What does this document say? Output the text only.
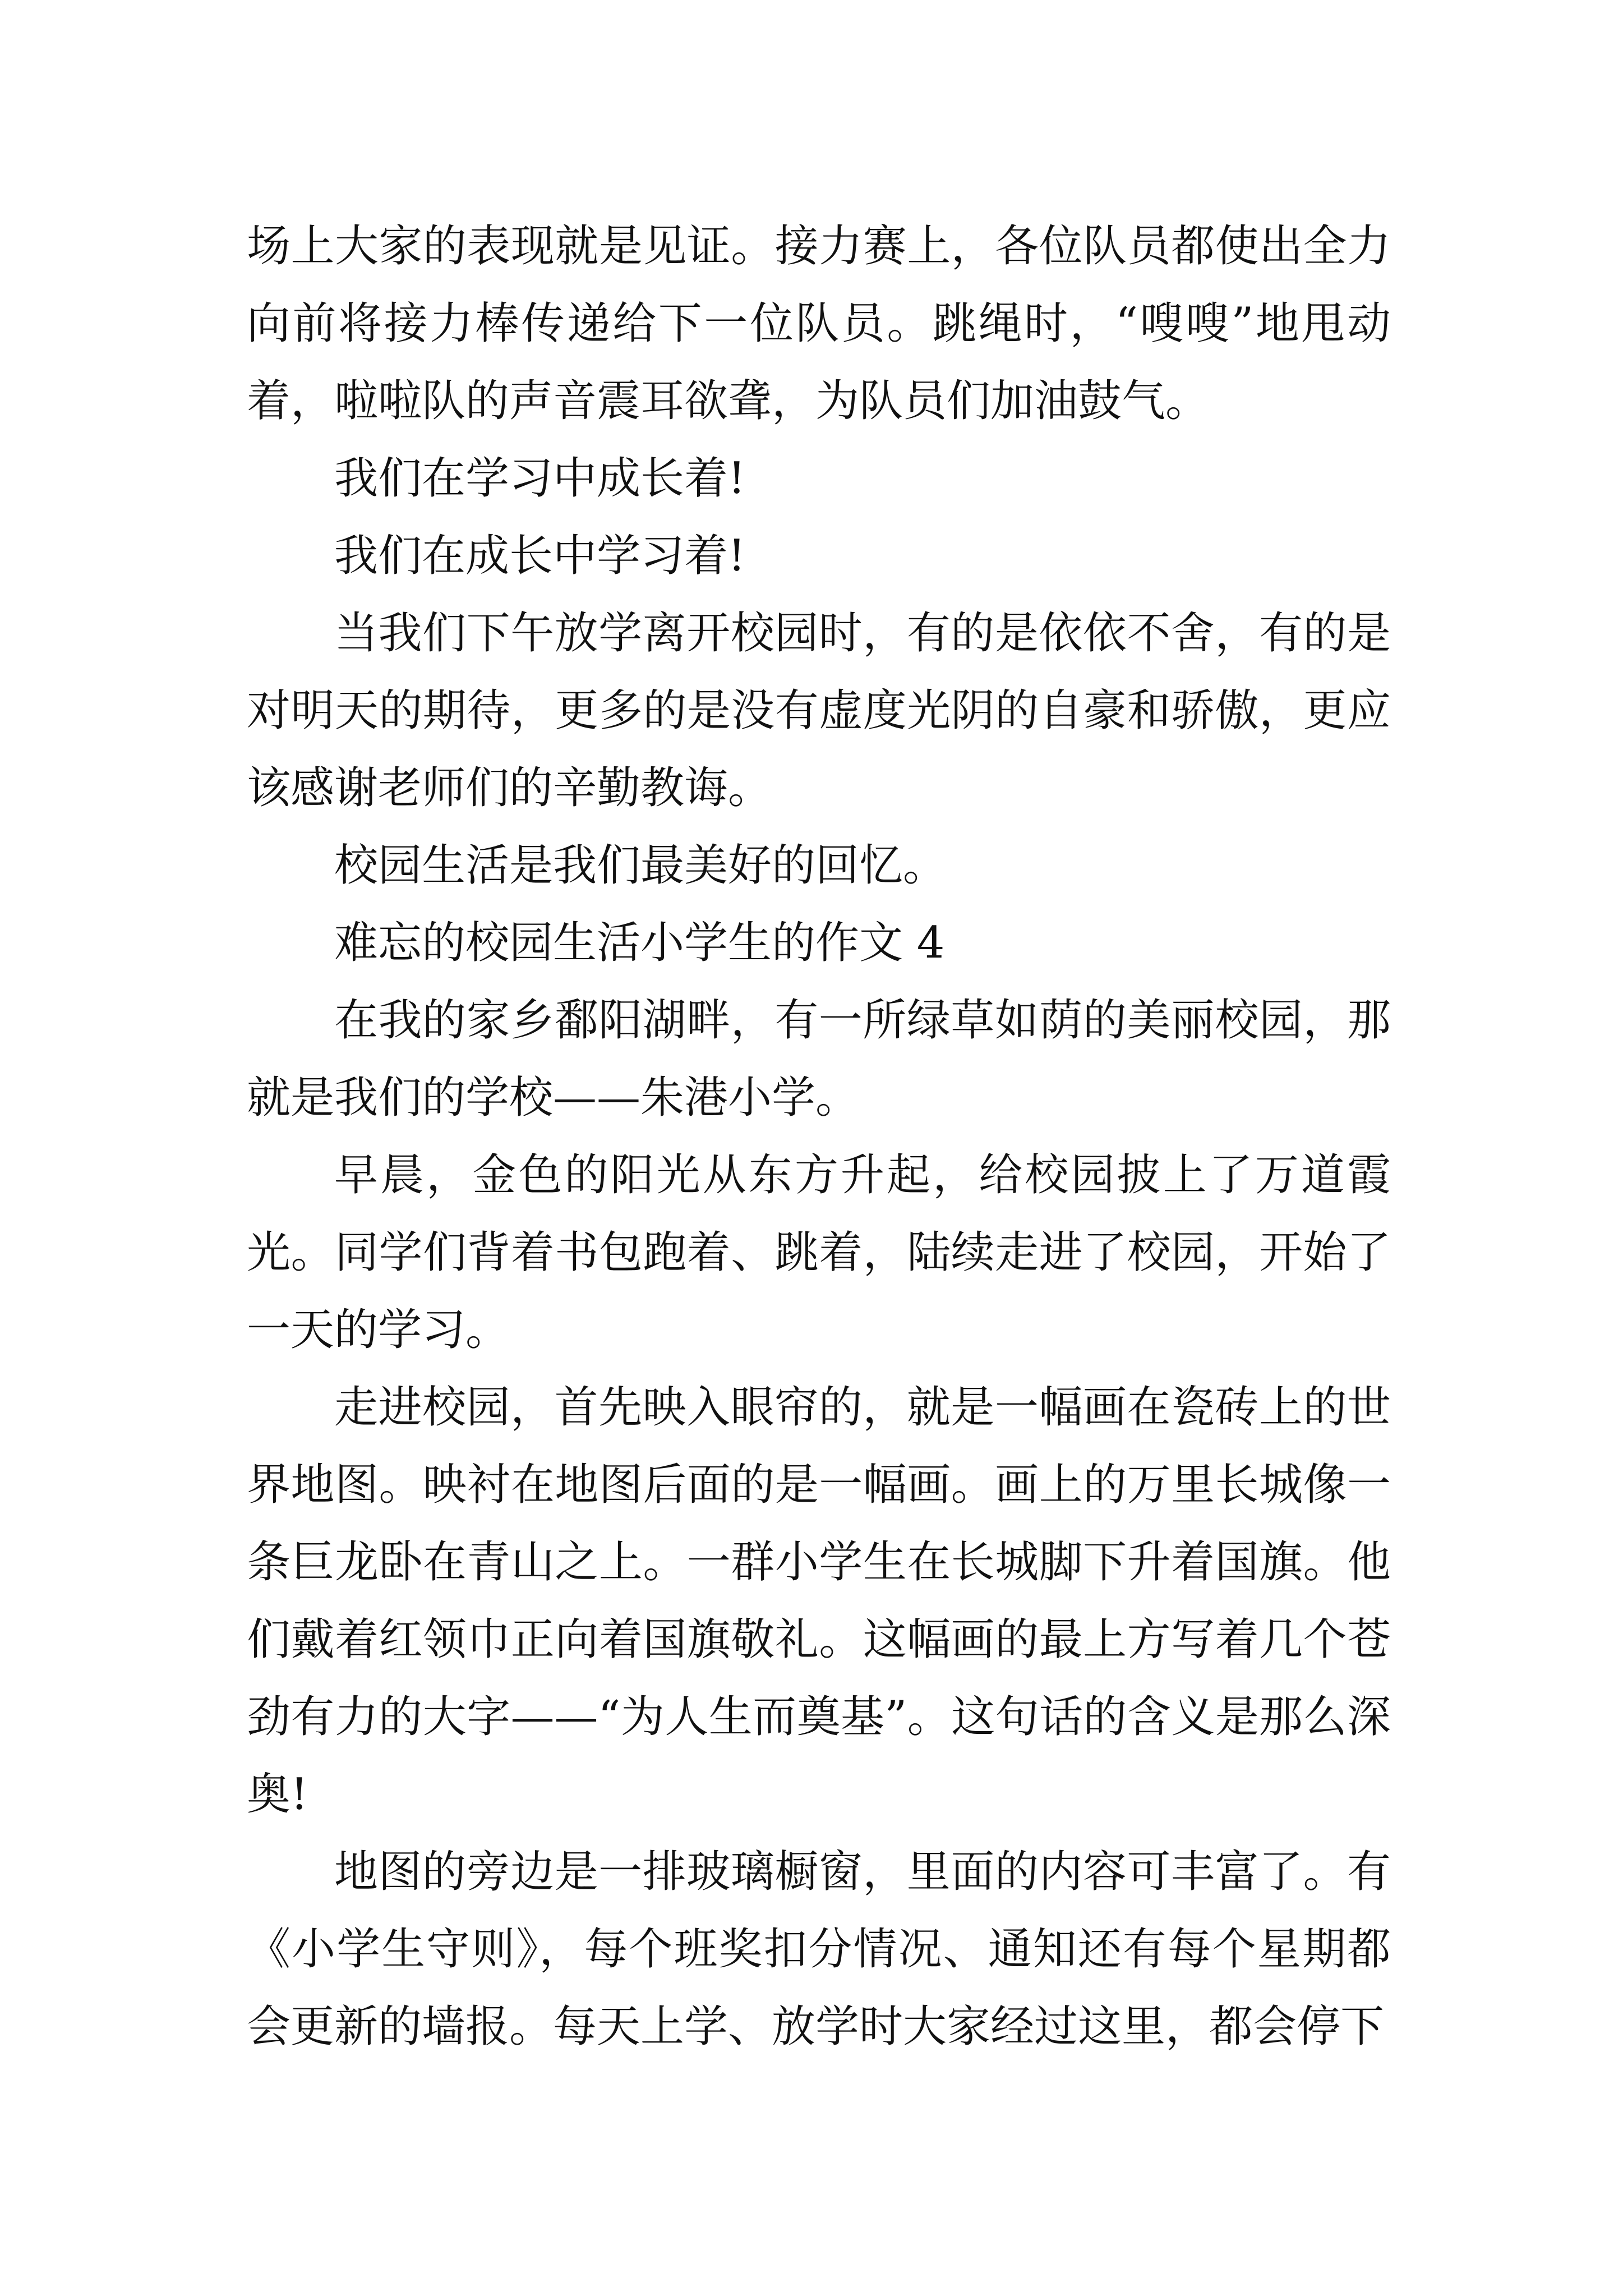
场上大家的表现就是见证。接力赛上，各位队员都使出全力向前将接力棒传递给下一位队员。跳绳时，“嗖嗖”地甩动着，啦啦队的声音震耳欲聋，为队员们加油鼓气。

我们在学习中成长着!

我们在成长中学习着!

当我们下午放学离开校园时，有的是依依不舍，有的是对明天的期待，更多的是没有虚度光阴的自豪和骄傲，更应该感谢老师们的辛勤教诲。

校园生活是我们最美好的回忆。

难忘的校园生活小学生的作文 4

在我的家乡鄱阳湖畔，有一所绿草如荫的美丽校园，那就是我们的学校——朱港小学。

早晨，金色的阳光从东方升起，给校园披上了万道霞光。同学们背着书包跑着、跳着，陆续走进了校园，开始了一天的学习。

走进校园，首先映入眼帘的，就是一幅画在瓷砖上的世界地图。映衬在地图后面的是一幅画。画上的万里长城像一条巨龙卧在青山之上。一群小学生在长城脚下升着国旗。他们戴着红领巾正向着国旗敬礼。这幅画的最上方写着几个苍劲有力的大字——“为人生而奠基”。这句话的含义是那么深奥!

地图的旁边是一排玻璃橱窗，里面的内容可丰富了。有《小学生守则》，每个班奖扣分情况、通知还有每个星期都会更新的墙报。每天上学、放学时大家经过这里，都会停下
